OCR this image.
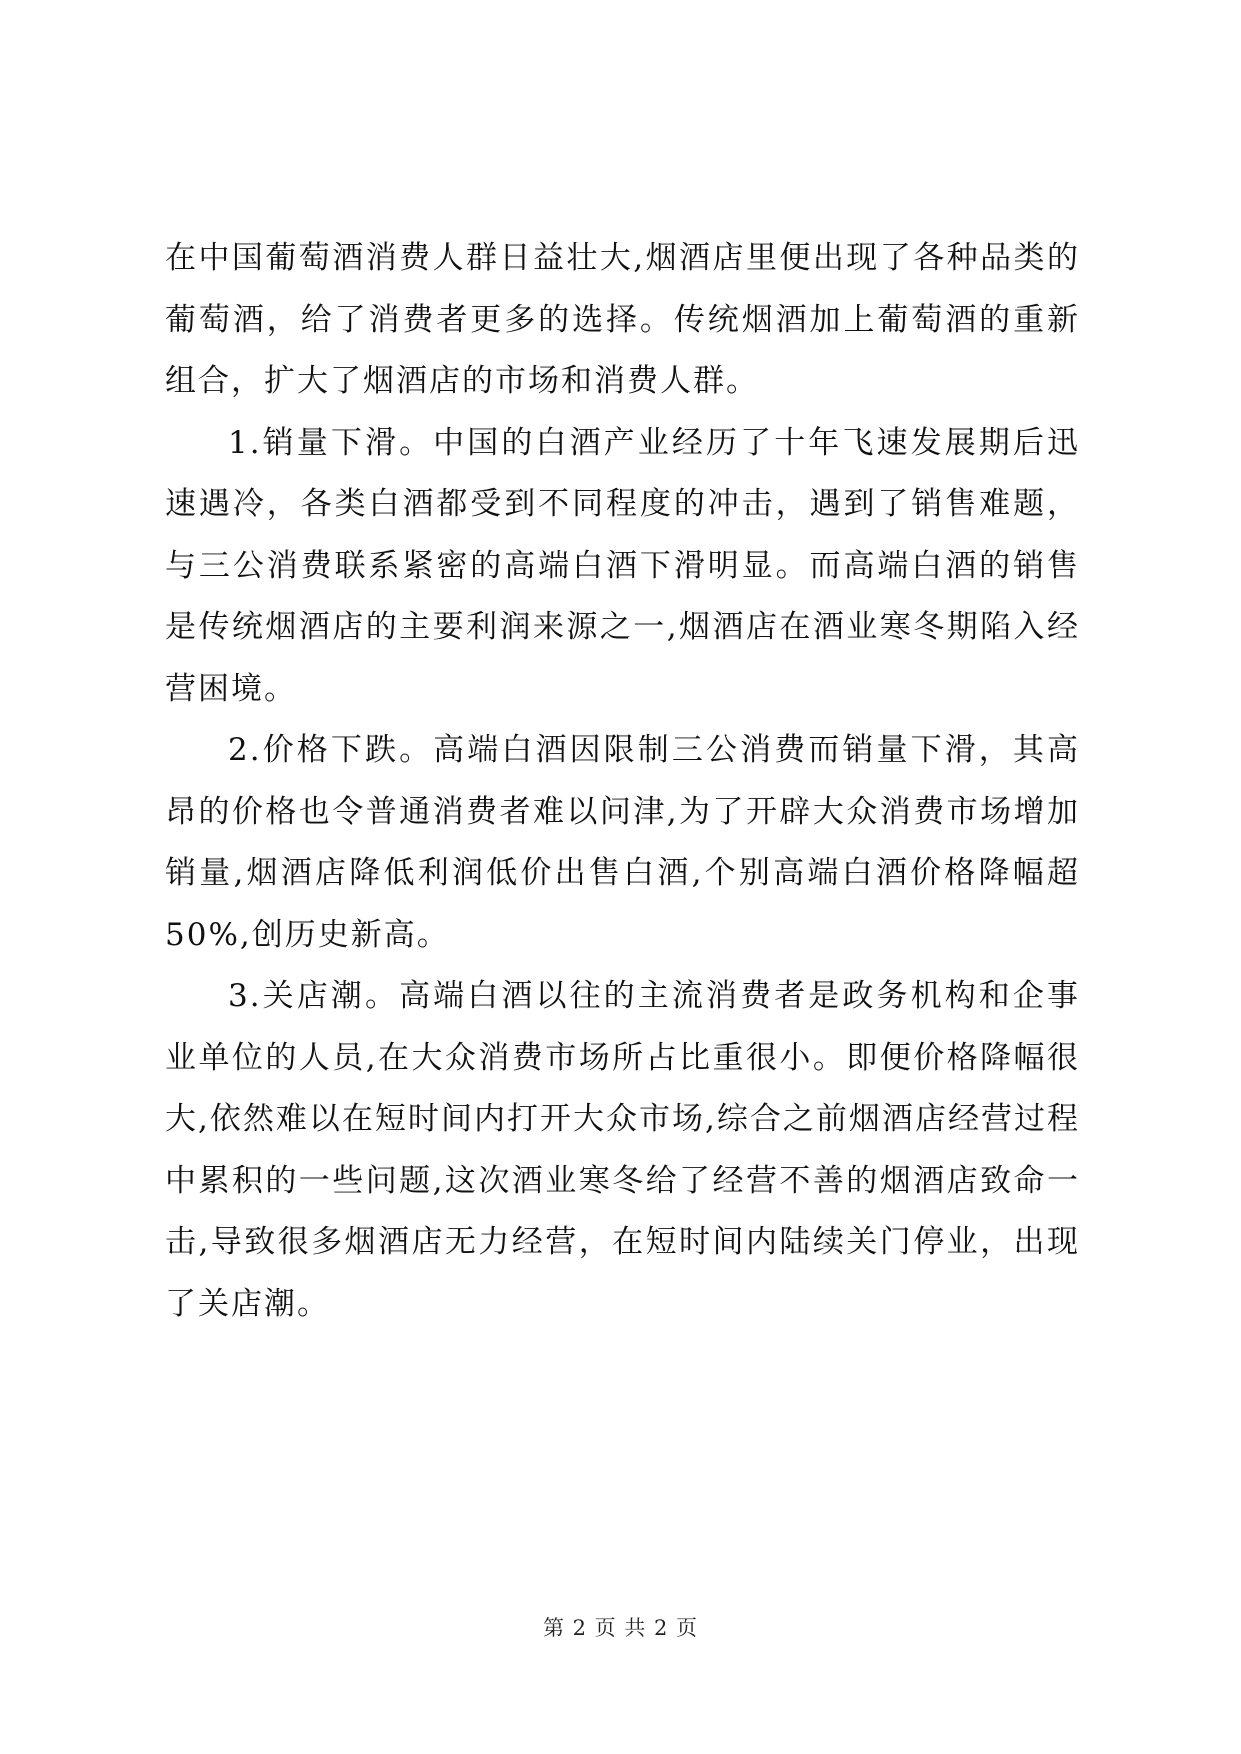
在中国葡萄酒消费人群日益壮大,烟酒店里便出现了各种品类的葡萄酒，给了消费者更多的选择。传统烟酒加上葡萄酒的重新组合，扩大了烟酒店的市场和消费人群。

1.销量下滑。中国的白酒产业经历了十年飞速发展期后迅速遇冷，各类白酒都受到不同程度的冲击，遇到了销售难题，与三公消费联系紧密的高端白酒下滑明显。而高端白酒的销售是传统烟酒店的主要利润来源之一,烟酒店在酒业寒冬期陷入经营困境。

2.价格下跌。高端白酒因限制三公消费而销量下滑，其高昂的价格也令普通消费者难以问津,为了开辟大众消费市场增加销量,烟酒店降低利润低价出售白酒,个别高端白酒价格降幅超50%,创历史新高。

3.关店潮。高端白酒以往的主流消费者是政务机构和企事业单位的人员,在大众消费市场所占比重很小。即便价格降幅很大,依然难以在短时间内打开大众市场,综合之前烟酒店经营过程中累积的一些问题,这次酒业寒冬给了经营不善的烟酒店致命一击,导致很多烟酒店无力经营，在短时间内陆续关门停业，出现了关店潮。

第 2 页 共 2 页
